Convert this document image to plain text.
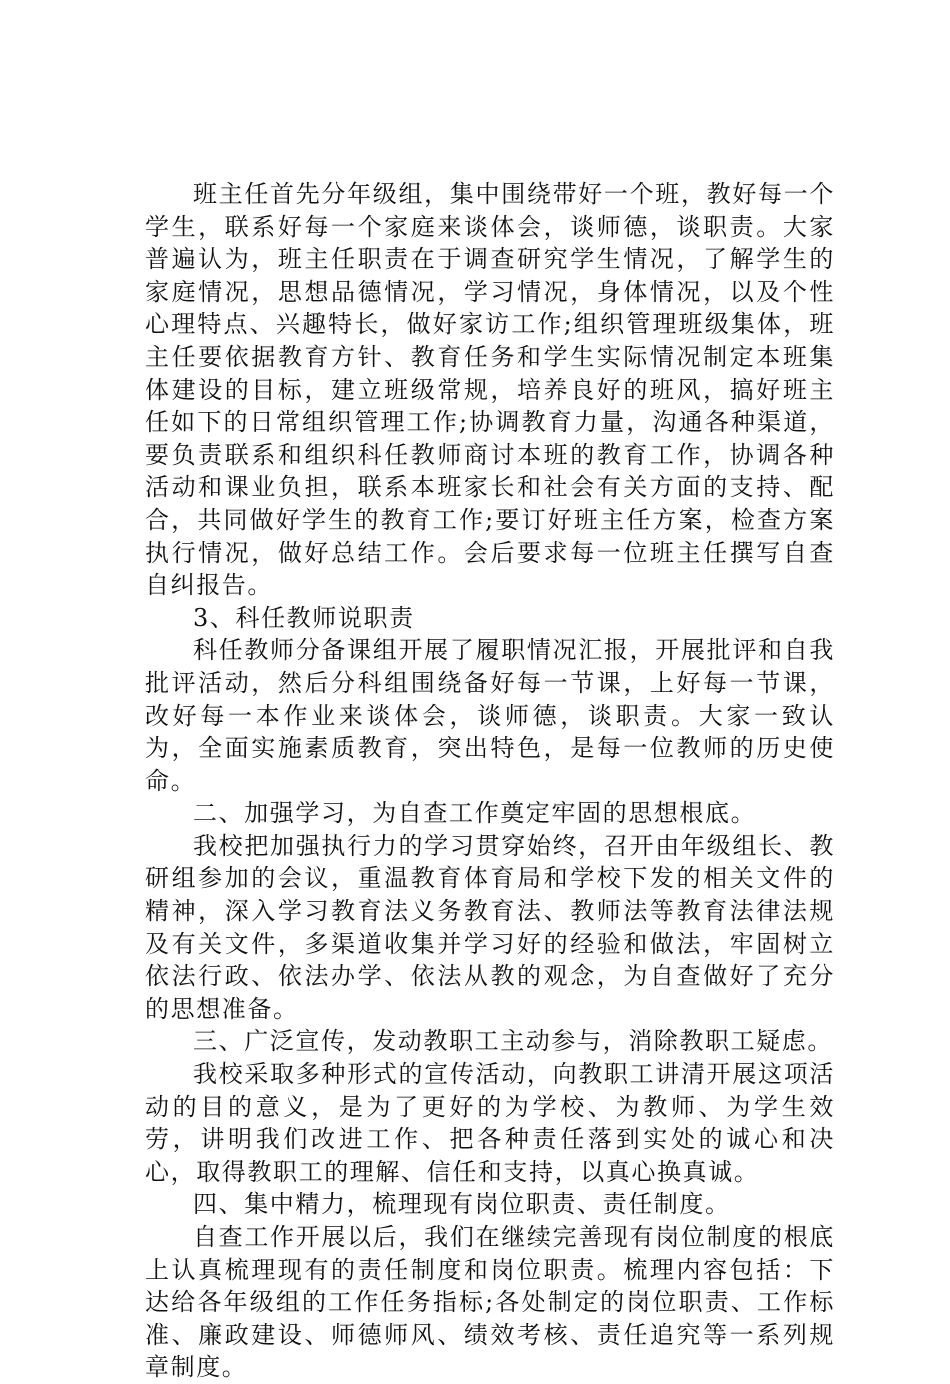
班主任首先分年级组，集中围绕带好一个班，教好每一个学生，联系好每一个家庭来谈体会，谈师德，谈职责。大家普遍认为，班主任职责在于调查研究学生情况，了解学生的家庭情况，思想品德情况，学习情况，身体情况，以及个性心理特点、兴趣特长，做好家访工作;组织管理班级集体，班主任要依据教育方针、教育任务和学生实际情况制定本班集体建设的目标，建立班级常规，培养良好的班风，搞好班主任如下的日常组织管理工作;协调教育力量，沟通各种渠道，要负责联系和组织科任教师商讨本班的教育工作，协调各种活动和课业负担，联系本班家长和社会有关方面的支持、配合，共同做好学生的教育工作;要订好班主任方案，检查方案执行情况，做好总结工作。会后要求每一位班主任撰写自查自纠报告。

3、科任教师说职责

科任教师分备课组开展了履职情况汇报，开展批评和自我批评活动，然后分科组围绕备好每一节课，上好每一节课，改好每一本作业来谈体会，谈师德，谈职责。大家一致认为，全面实施素质教育，突出特色，是每一位教师的历史使命。

二、加强学习，为自查工作奠定牢固的思想根底。

我校把加强执行力的学习贯穿始终，召开由年级组长、教研组参加的会议，重温教育体育局和学校下发的相关文件的精神，深入学习教育法义务教育法、教师法等教育法律法规及有关文件，多渠道收集并学习好的经验和做法，牢固树立依法行政、依法办学、依法从教的观念，为自查做好了充分的思想准备。

三、广泛宣传，发动教职工主动参与，消除教职工疑虑。

我校采取多种形式的宣传活动，向教职工讲清开展这项活动的目的意义，是为了更好的为学校、为教师、为学生效劳，讲明我们改进工作、把各种责任落到实处的诚心和决心，取得教职工的理解、信任和支持，以真心换真诚。

四、集中精力，梳理现有岗位职责、责任制度。

自查工作开展以后，我们在继续完善现有岗位制度的根底上认真梳理现有的责任制度和岗位职责。梳理内容包括：下达给各年级组的工作任务指标;各处制定的岗位职责、工作标准、廉政建设、师德师风、绩效考核、责任追究等一系列规章制度。
